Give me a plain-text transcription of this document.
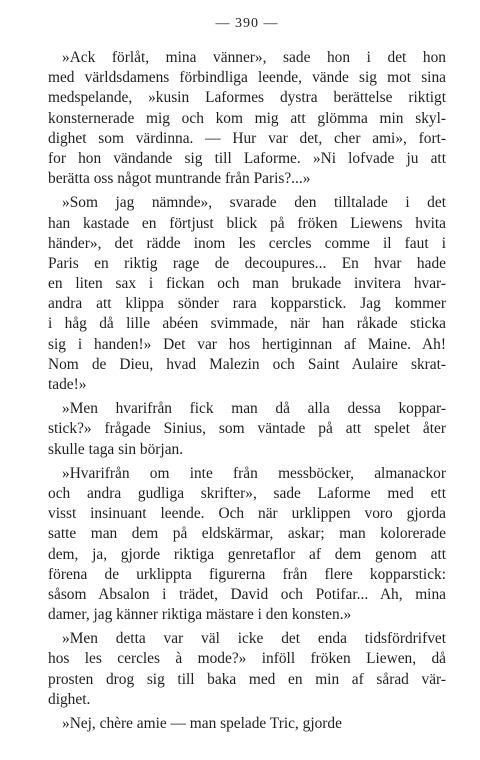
— 390 —
»Ack förlåt, mina vänner», sade hon i det hon
med världsdamens förbindliga leende, vände sig mot sina
medspelande, »kusin Laformes dystra berättelse riktigt
konsternerade mig och kom mig att glömma min skyl-
dighet som värdinna. — Hur var det, cher ami», fort-
for hon vändande sig till Laforme. »Ni lofvade ju att
berätta oss något muntrande från Paris?...»
»Som jag nämnde», svarade den tilltalade i det
han kastade en förtjust blick på fröken Liewens hvita
händer», det rädde inom les cercles comme il faut i
Paris en riktig rage de decoupures... En hvar hade
en liten sax i fickan och man brukade invitera hvar-
andra att klippa sönder rara kopparstick. Jag kommer
i håg då lille abéen svimmade, när han råkade sticka
sig i handen!» Det var hos hertiginnan af Maine. Ah!
Nom de Dieu, hvad Malezin och Saint Aulaire skrat-
tade!»
»Men hvarifrån fick man då alla dessa koppar-
stick?» frågade Sinius, som väntade på att spelet åter
skulle taga sin början.
»Hvarifrån om inte från messböcker, almanackor
och andra gudliga skrifter», sade Laforme med ett
visst insinuant leende. Och när urklippen voro gjorda
satte man dem på eldskärmar, askar; man kolorerade
dem, ja, gjorde riktiga genretaflor af dem genom att
förena de urklippta figurerna från flere kopparstick:
såsom Absalon i trädet, David och Potifar... Ah, mina
damer, jag känner riktiga mästare i den konsten.»
»Men detta var väl icke det enda tidsfördrifvet
hos les cercles à mode?» inföll fröken Liewen, då
prosten drog sig till baka med en min af sårad vär-
dighet.
»Nej, chère amie — man spelade Tric, gjorde
